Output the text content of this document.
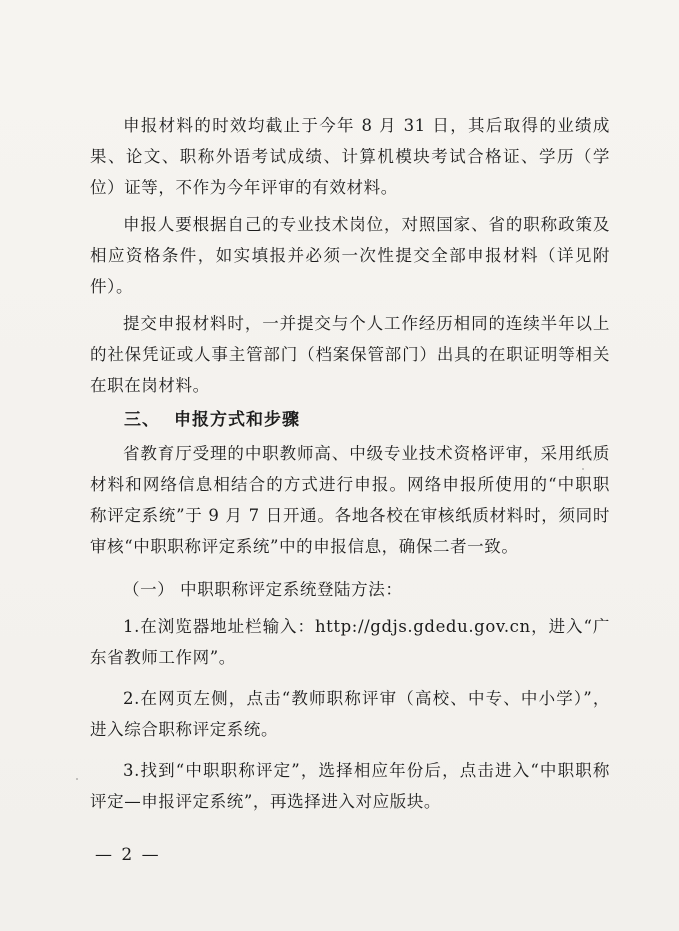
申报材料的时效均截止于今年 8 月 31 日，其后取得的业绩成果、论文、职称外语考试成绩、计算机模块考试合格证、学历（学位）证等，不作为今年评审的有效材料。

申报人要根据自己的专业技术岗位，对照国家、省的职称政策及相应资格条件，如实填报并必须一次性提交全部申报材料（详见附件）。

提交申报材料时，一并提交与个人工作经历相同的连续半年以上的社保凭证或人事主管部门（档案保管部门）出具的在职证明等相关在职在岗材料。

三、 申报方式和步骤

省教育厅受理的中职教师高、中级专业技术资格评审，采用纸质材料和网络信息相结合的方式进行申报。网络申报所使用的“中职职称评定系统”于 9 月 7 日开通。各地各校在审核纸质材料时，须同时审核“中职职称评定系统”中的申报信息，确保二者一致。

（一） 中职职称评定系统登陆方法：

1.在浏览器地址栏输入：http://gdjs.gdedu.gov.cn，进入“广东省教师工作网”。

2.在网页左侧，点击“教师职称评审（高校、中专、中小学）”，进入综合职称评定系统。

3.找到“中职职称评定”，选择相应年份后，点击进入“中职职称评定—申报评定系统”，再选择进入对应版块。

— 2 —
